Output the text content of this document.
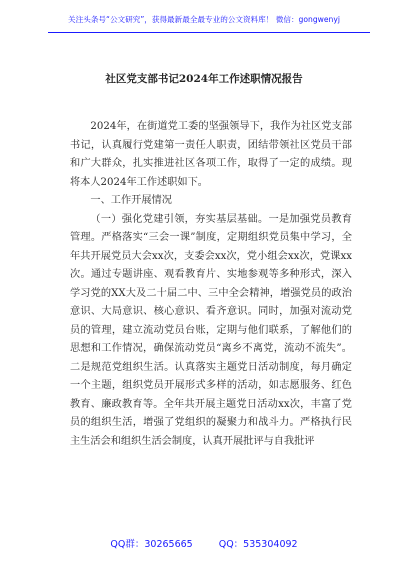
关注头条号“公文研究”，获得最新最全最专业的公文资料库！ 微信：gongwenyj
社区党支部书记2024年工作述职情况报告

2024年，在街道党工委的坚强领导下，我作为社区党支部书记，认真履行党建第一责任人职责，团结带领社区党员干部和广大群众，扎实推进社区各项工作，取得了一定的成绩。现将本人2024年工作述职如下。

一、工作开展情况

（一）强化党建引领，夯实基层基础。一是加强党员教育管理。严格落实“三会一课”制度，定期组织党员集中学习，全年共开展党员大会xx次，支委会xx次，党小组会xx次，党课xx次。通过专题讲座、观看教育片、实地参观等多种形式，深入学习党的XX大及二十届二中、三中全会精神，增强党员的政治意识、大局意识、核心意识、看齐意识。同时，加强对流动党员的管理，建立流动党员台账，定期与他们联系，了解他们的思想和工作情况，确保流动党员“离乡不离党，流动不流失”。二是规范党组织生活。认真落实主题党日活动制度，每月确定一个主题，组织党员开展形式多样的活动，如志愿服务、红色教育、廉政教育等。全年共开展主题党日活动xx次，丰富了党员的组织生活，增强了党组织的凝聚力和战斗力。严格执行民主生活会和组织生活会制度，认真开展批评与自我批评

QQ群：30265665	QQ：535304092
